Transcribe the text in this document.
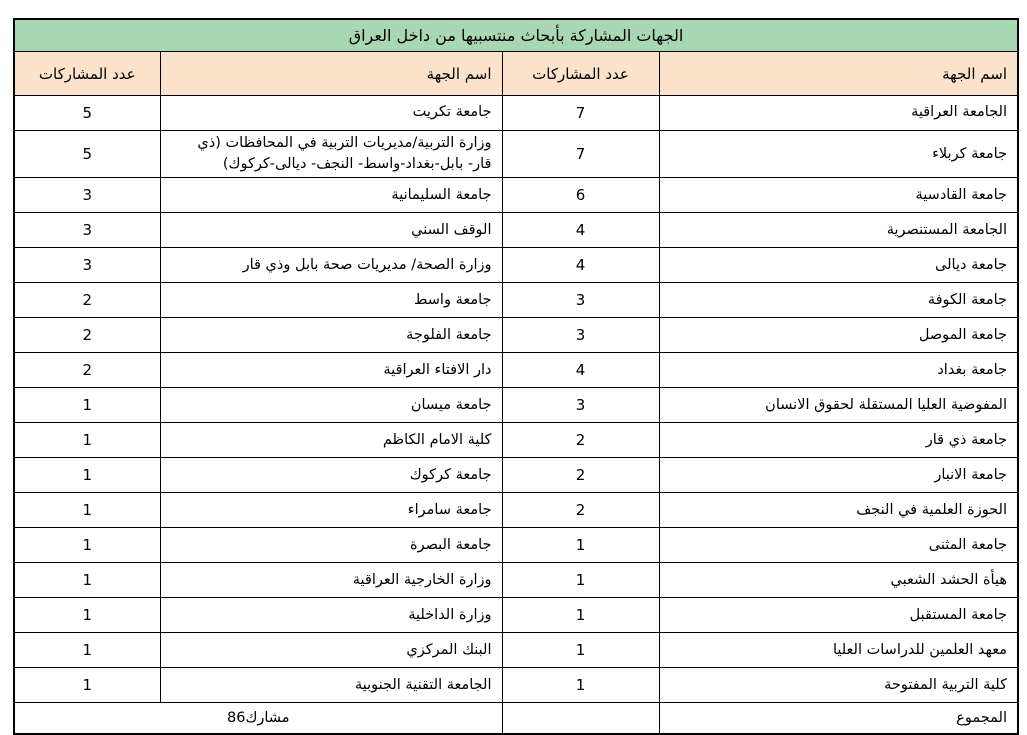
الجهات المشاركة بأبحاث منتسبيها من داخل العراق			
اسم الجهة	عدد المشاركات	اسم الجهة	عدد المشاركات
الجامعة العراقية	7	جامعة تكريت	5
جامعة كربلاء	7	وزارة التربية/مديريات التربية في المحافظات (ذي قار- بابل-بغداد-واسط- النجف- ديالى-كركوك)	5
جامعة القادسية	6	جامعة السليمانية	3
الجامعة المستنصرية	4	الوقف السني	3
جامعة ديالى	4	وزارة الصحة/ مديريات صحة بابل وذي قار	3
جامعة الكوفة	3	جامعة واسط	2
جامعة الموصل	3	جامعة الفلوجة	2
جامعة بغداد	4	دار الافتاء العراقية	2
المفوضية العليا المستقلة لحقوق الانسان	3	جامعة ميسان	1
جامعة ذي قار	2	كلية الامام الكاظم	1
جامعة الانبار	2	جامعة كركوك	1
الحوزة العلمية في النجف	2	جامعة سامراء	1
جامعة المثنى	1	جامعة البصرة	1
هيأة الحشد الشعبي	1	وزارة الخارجية العراقية	1
جامعة المستقبل	1	وزارة الداخلية	1
معهد العلمين للدراسات العليا	1	البنك المركزي	1
كلية التربية المفتوحة	1	الجامعة التقنية الجنوبية	1
المجموع		مشارك86	
